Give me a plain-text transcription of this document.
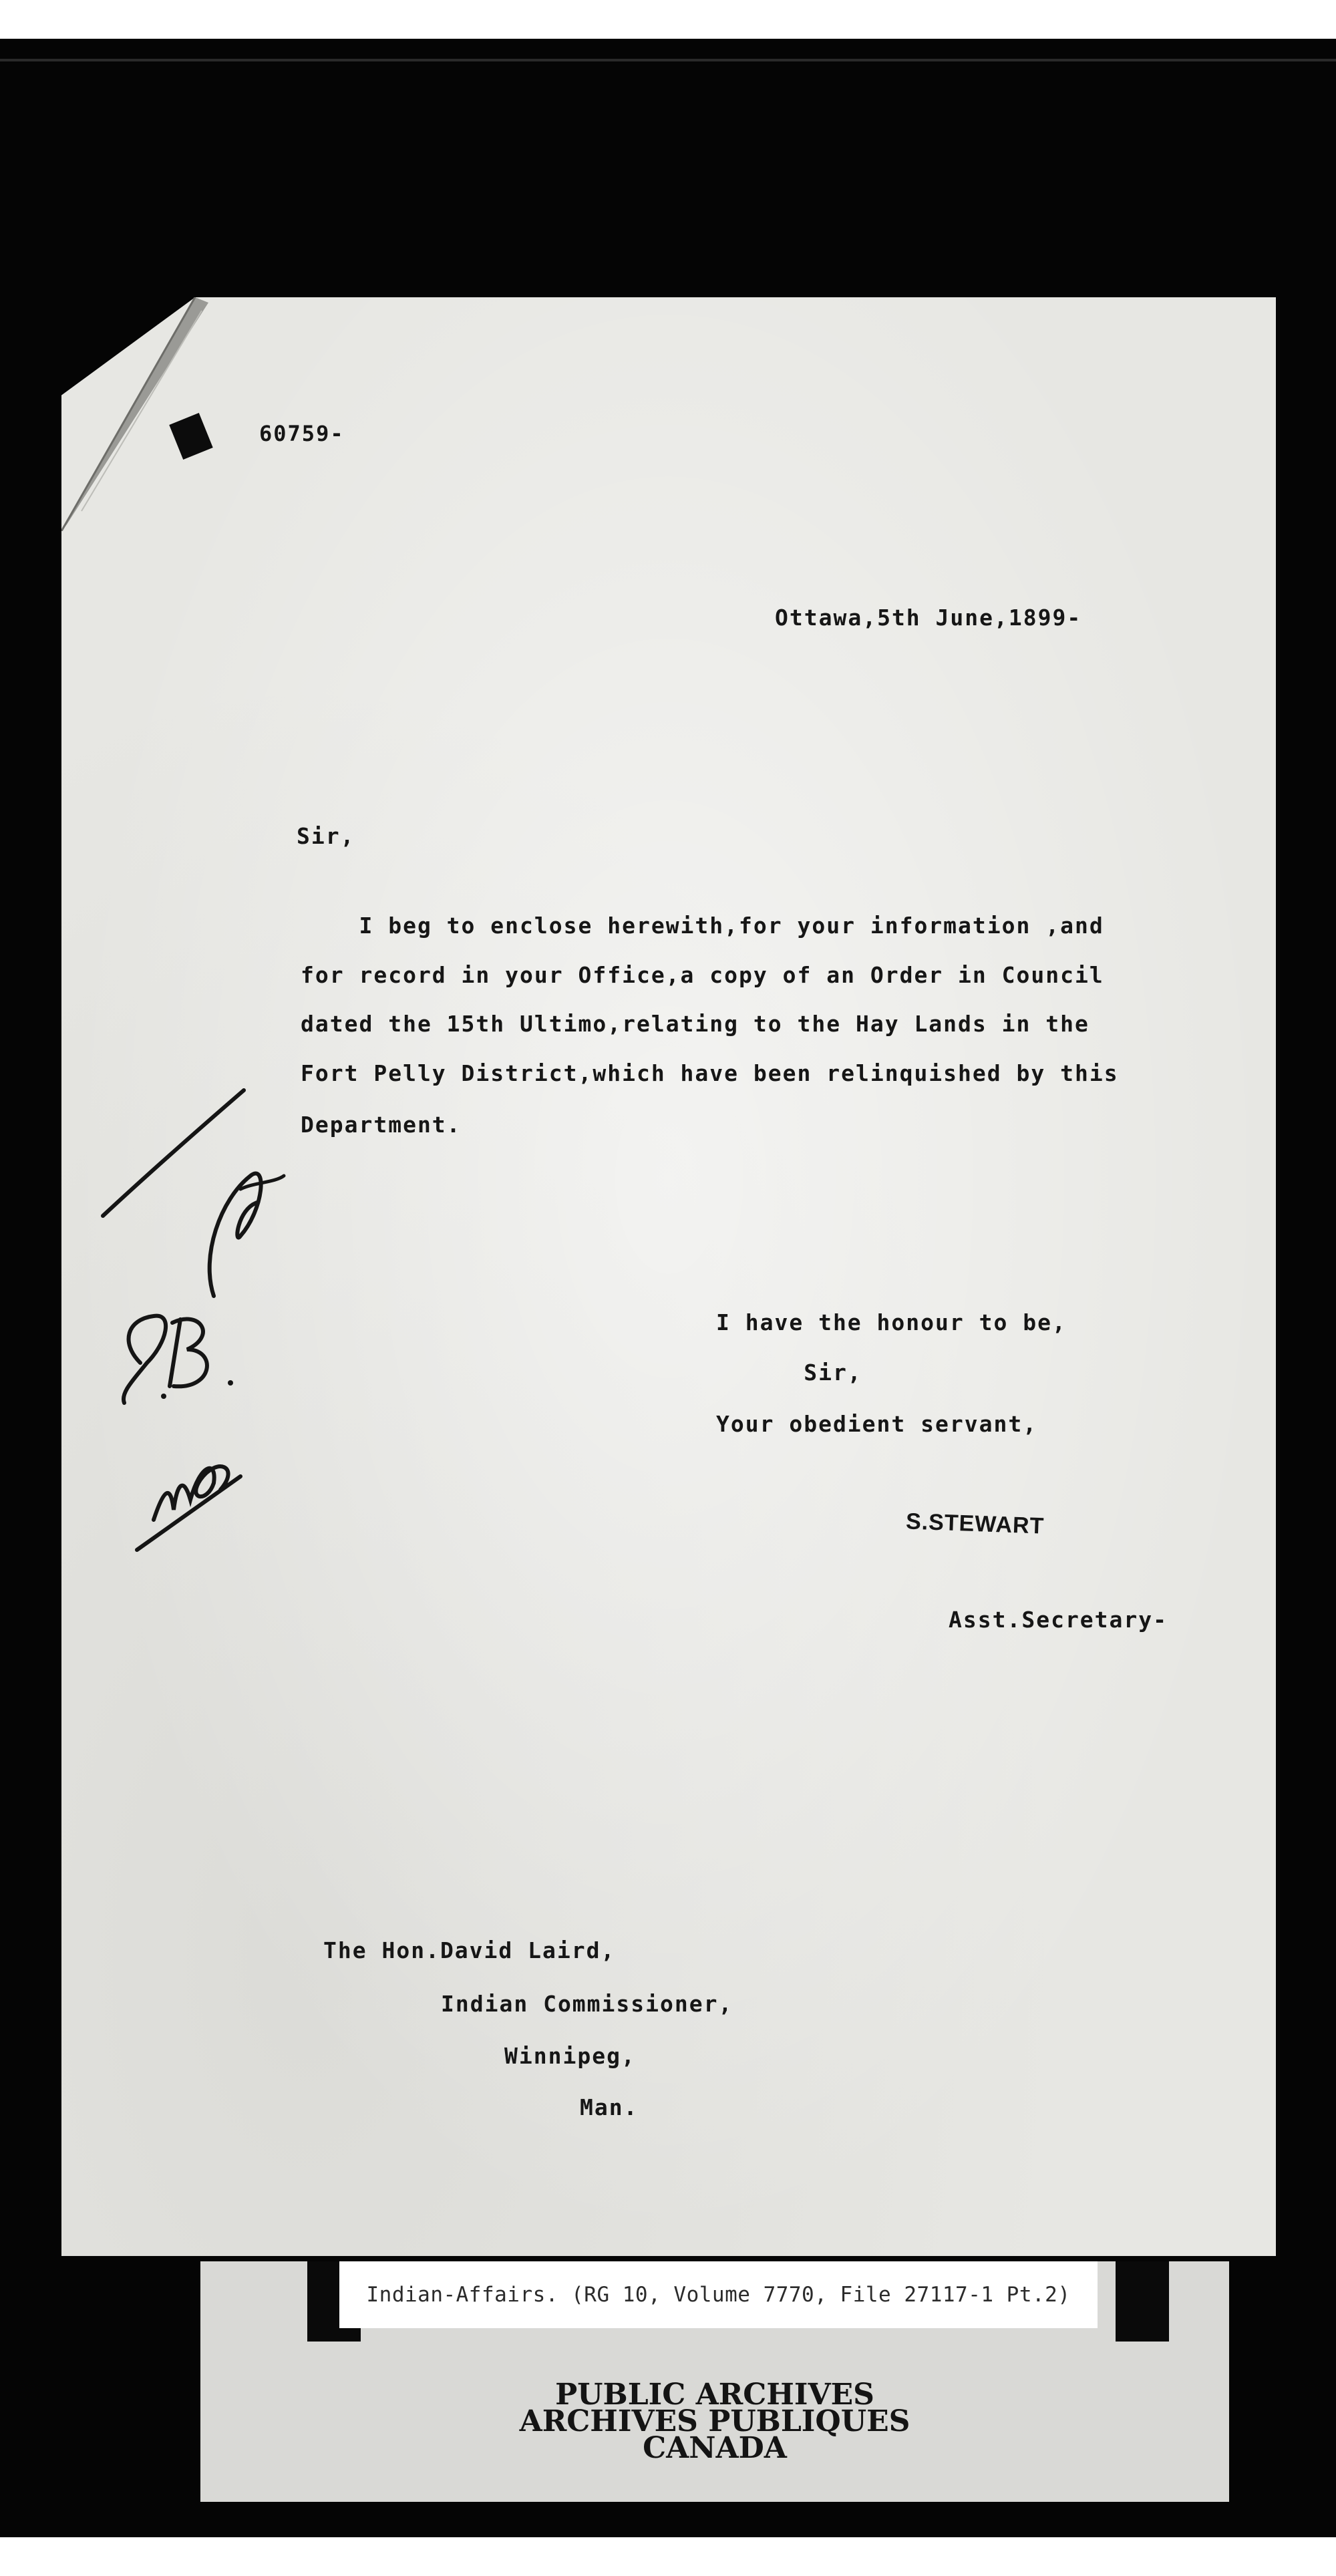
60759-

Ottawa,5th June,1899-

Sir,

I beg to enclose herewith,for your information ,and

for record in your Office,a copy of an Order in Council

dated the 15th Ultimo,relating to the Hay Lands in the

Fort Pelly District,which have been relinquished by this

Department.

I have the honour to be,

Sir,

Your obedient servant,

S.STEWART

Asst.Secretary-

The Hon.David Laird,

Indian Commissioner,

Winnipeg,

Man.

Indian-Affairs. (RG 10, Volume 7770, File 27117-1 Pt.2)
PUBLIC ARCHIVES
ARCHIVES PUBLIQUES
CANADA
